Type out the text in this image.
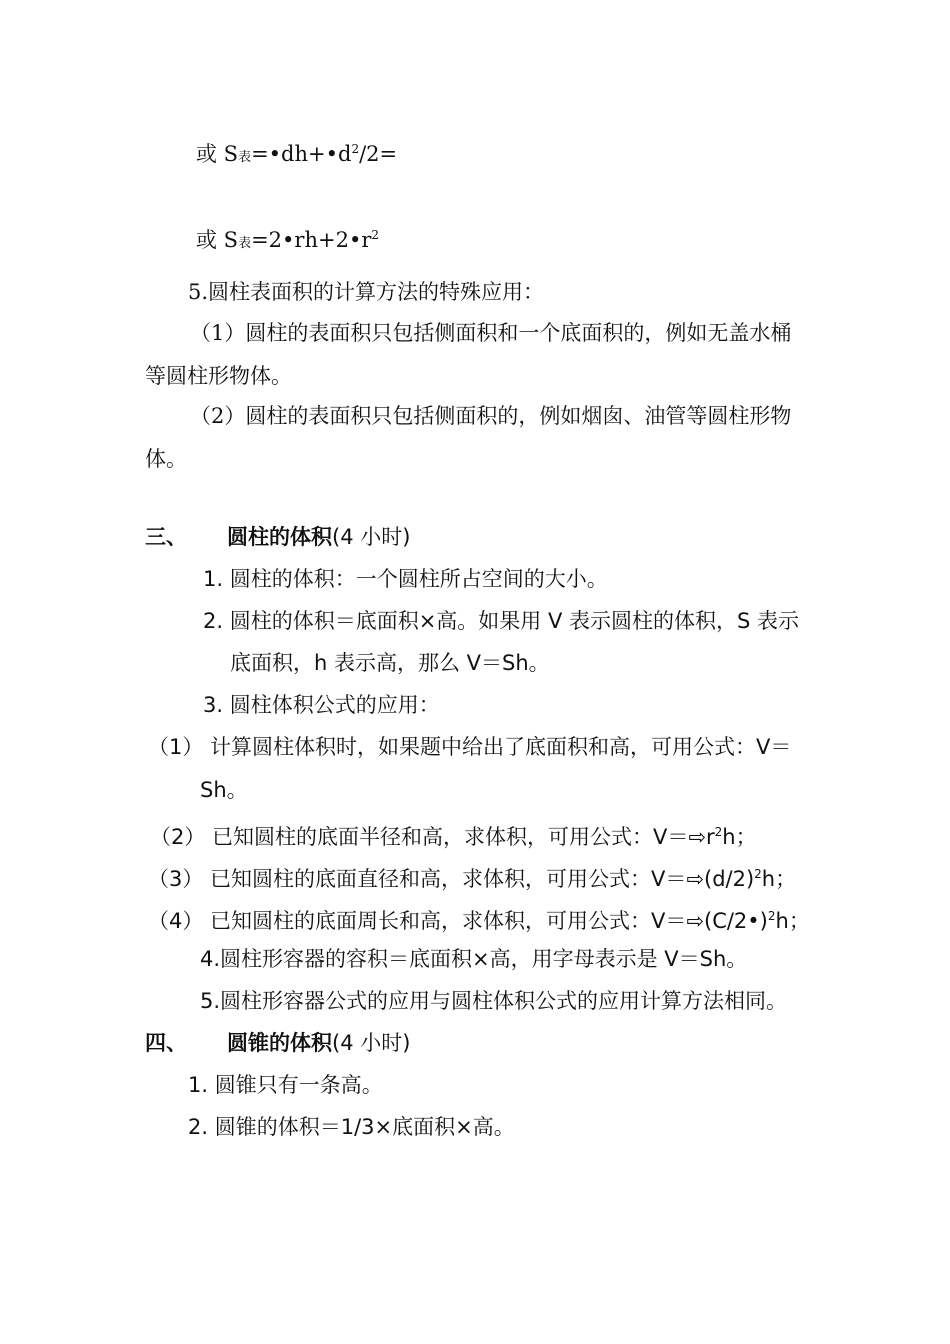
或 S表$=•dh+•d^2/2=$
或 S表$=2•rh+2•r^2$
5.圆柱表面积的计算方法的特殊应用：
（1）圆柱的表面积只包括侧面积和一个底面积的，例如无盖水桶
等圆柱形物体。
（2）圆柱的表面积只包括侧面积的，例如烟囱、油管等圆柱形物
体。
三、 圆柱的体积(4 小时)
1. 圆柱的体积：一个圆柱所占空间的大小。
2. 圆柱的体积＝底面积×高。如果用 V 表示圆柱的体积，S 表示
底面积，h 表示高，那么 V＝Sh。
3. 圆柱体积公式的应用：
（1） 计算圆柱体积时，如果题中给出了底面积和高，可用公式：V＝
Sh。
（2） 已知圆柱的底面半径和高，求体积，可用公式：$V=⇨r^2h$；
（3） 已知圆柱的底面直径和高，求体积，可用公式：$V=⇨(d/2)^2h$；
（4） 已知圆柱的底面周长和高，求体积，可用公式：V＝⇨(C/2•)$^2$h；
4.圆柱形容器的容积＝底面积×高，用字母表示是 V＝Sh。
5.圆柱形容器公式的应用与圆柱体积公式的应用计算方法相同。
四、 圆锥的体积(4 小时)
1. 圆锥只有一条高。
2. 圆锥的体积＝1/3×底面积×高。
